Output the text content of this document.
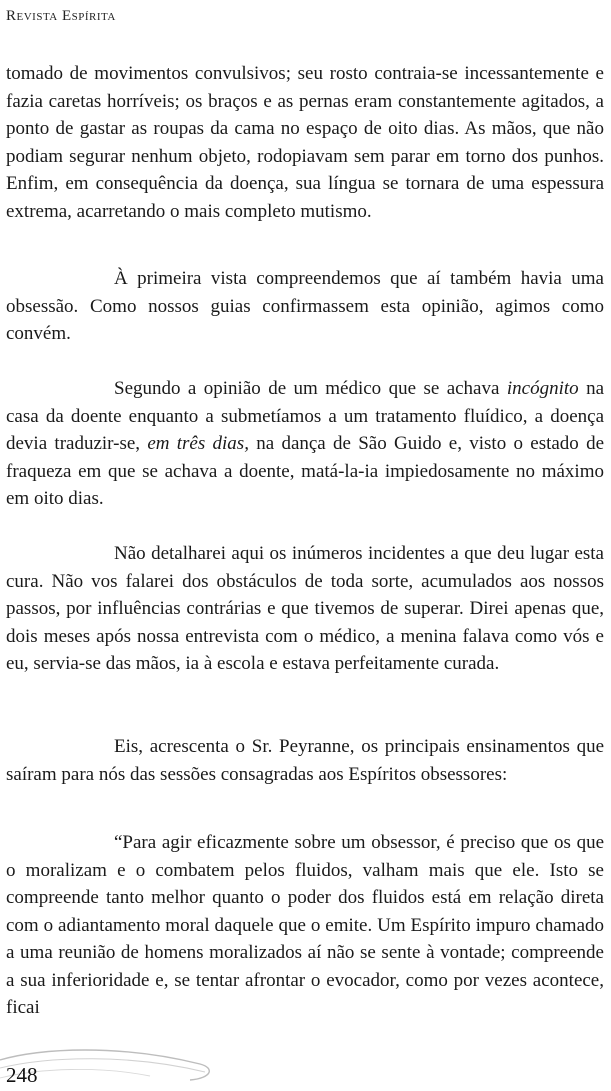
Revista Espírita

tomado de movimentos convulsivos; seu rosto contraia-se incessantemente e fazia caretas horríveis; os braços e as pernas eram constantemente agitados, a ponto de gastar as roupas da cama no espaço de oito dias. As mãos, que não podiam segurar nenhum objeto, rodopiavam sem parar em torno dos punhos. Enfim, em consequência da doença, sua língua se tornara de uma espessura extrema, acarretando o mais completo mutismo.

À primeira vista compreendemos que aí também havia uma obsessão. Como nossos guias confirmassem esta opinião, agimos como convém.

Segundo a opinião de um médico que se achava incógnito na casa da doente enquanto a submetíamos a um tratamento fluídico, a doença devia traduzir-se, em três dias, na dança de São Guido e, visto o estado de fraqueza em que se achava a doente, matá-la-ia impiedosamente no máximo em oito dias.

Não detalharei aqui os inúmeros incidentes a que deu lugar esta cura. Não vos falarei dos obstáculos de toda sorte, acumulados aos nossos passos, por influências contrárias e que tivemos de superar. Direi apenas que, dois meses após nossa entrevista com o médico, a menina falava como vós e eu, servia-se das mãos, ia à escola e estava perfeitamente curada.

Eis, acrescenta o Sr. Peyranne, os principais ensinamentos que saíram para nós das sessões consagradas aos Espíritos obsessores:

“Para agir eficazmente sobre um obsessor, é preciso que os que o moralizam e o combatem pelos fluidos, valham mais que ele. Isto se compreende tanto melhor quanto o poder dos fluidos está em relação direta com o adiantamento moral daquele que o emite. Um Espírito impuro chamado a uma reunião de homens moralizados aí não se sente à vontade; compreende a sua inferioridade e, se tentar afrontar o evocador, como por vezes acontece, ficai

248
